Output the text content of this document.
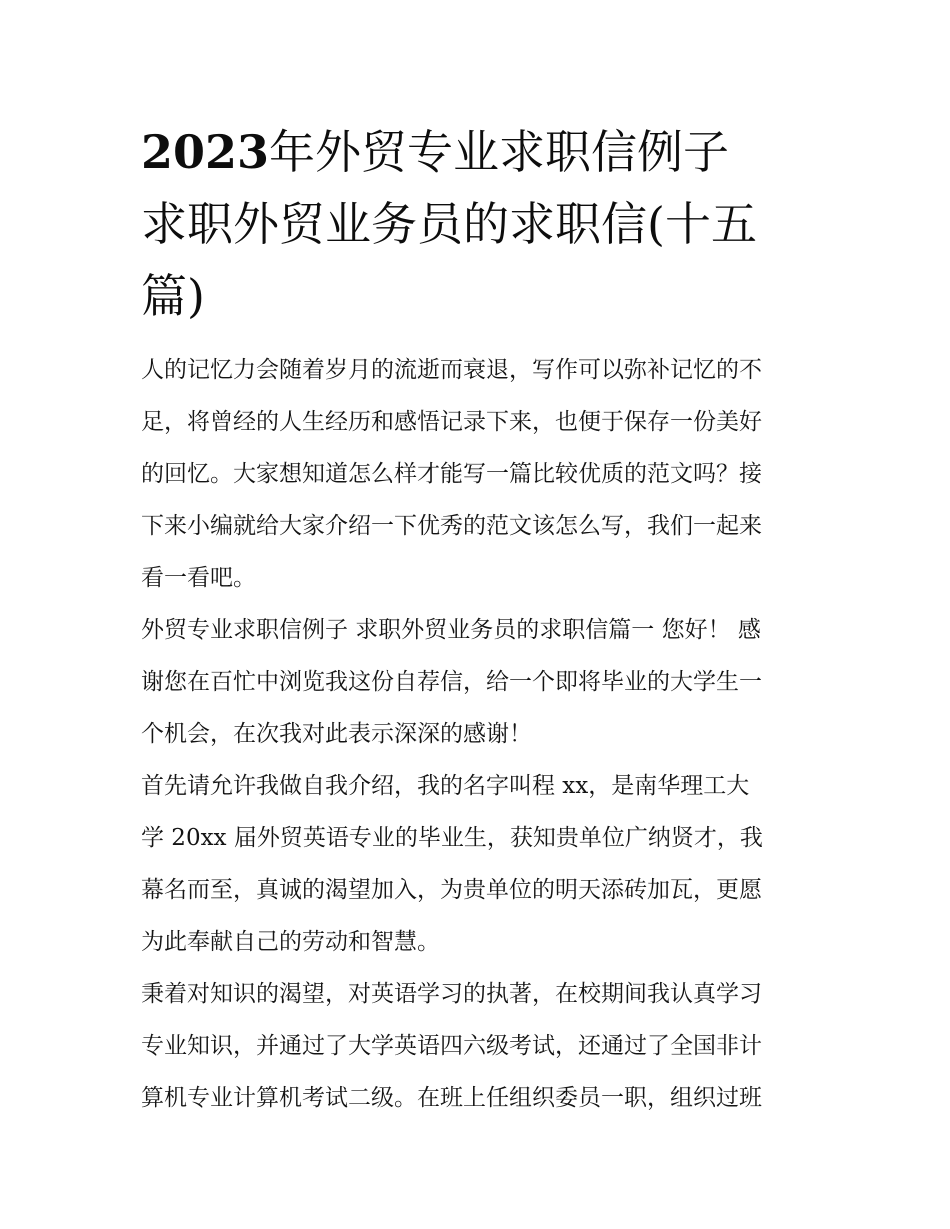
2023年外贸专业求职信例子
求职外贸业务员的求职信(十五
篇)

人的记忆力会随着岁月的流逝而衰退，写作可以弥补记忆的不
足，将曾经的人生经历和感悟记录下来，也便于保存一份美好
的回忆。大家想知道怎么样才能写一篇比较优质的范文吗？接
下来小编就给大家介绍一下优秀的范文该怎么写，我们一起来
看一看吧。

外贸专业求职信例子 求职外贸业务员的求职信篇一 您好！ 感
谢您在百忙中浏览我这份自荐信，给一个即将毕业的大学生一
个机会，在次我对此表示深深的感谢！

首先请允许我做自我介绍，我的名字叫程 xx，是南华理工大
学 20xx 届外贸英语专业的毕业生，获知贵单位广纳贤才，我
幕名而至，真诚的渴望加入，为贵单位的明天添砖加瓦，更愿
为此奉献自己的劳动和智慧。

秉着对知识的渴望，对英语学习的执著，在校期间我认真学习
专业知识，并通过了大学英语四六级考试，还通过了全国非计
算机专业计算机考试二级。在班上任组织委员一职，组织过班
